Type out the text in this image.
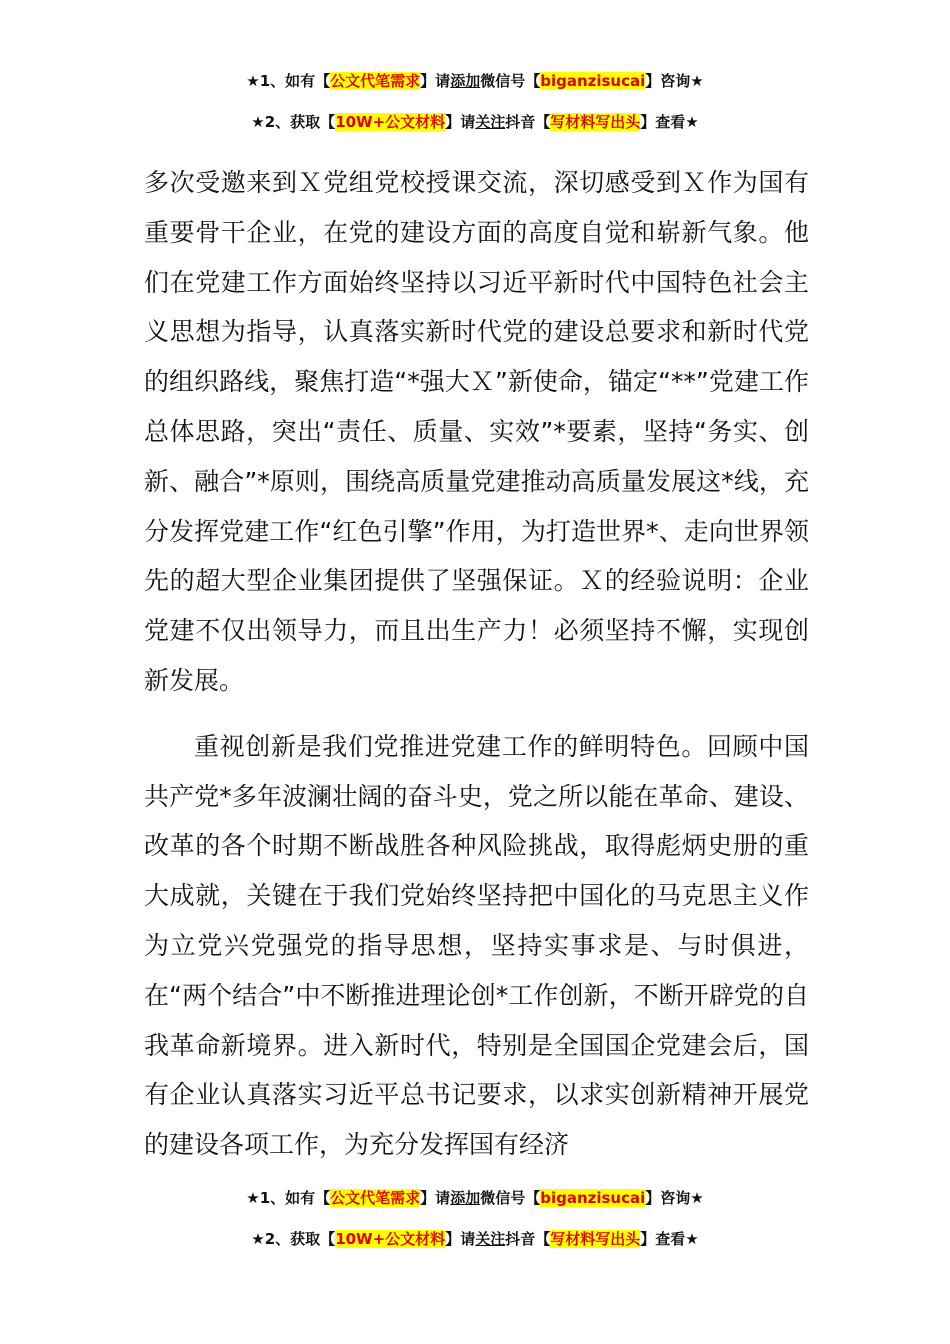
★1、如有【公文代笔需求】请添加微信号【biganzisucai】咨询★
★2、获取【10W+公文材料】请关注抖音【写材料写出头】查看★

多次受邀来到Ｘ党组党校授课交流，深切感受到Ｘ作为国有重要骨干企业，在党的建设方面的高度自觉和崭新气象。他们在党建工作方面始终坚持以习近平新时代中国特色社会主义思想为指导，认真落实新时代党的建设总要求和新时代党的组织路线，聚焦打造“*强大Ｘ”新使命，锚定“**”党建工作总体思路，突出“责任、质量、实效”*要素，坚持“务实、创新、融合”*原则，围绕高质量党建推动高质量发展这*线，充分发挥党建工作“红色引擎”作用，为打造世界*、走向世界领先的超大型企业集团提供了坚强保证。Ｘ的经验说明：企业党建不仅出领导力，而且出生产力！必须坚持不懈，实现创新发展。

重视创新是我们党推进党建工作的鲜明特色。回顾中国共产党*多年波澜壮阔的奋斗史，党之所以能在革命、建设、改革的各个时期不断战胜各种风险挑战，取得彪炳史册的重大成就，关键在于我们党始终坚持把中国化的马克思主义作为立党兴党强党的指导思想，坚持实事求是、与时俱进，在“两个结合”中不断推进理论创*工作创新，不断开辟党的自我革命新境界。进入新时代，特别是全国国企党建会后，国有企业认真落实习近平总书记要求，以求实创新精神开展党的建设各项工作，为充分发挥国有经济

★1、如有【公文代笔需求】请添加微信号【biganzisucai】咨询★
★2、获取【10W+公文材料】请关注抖音【写材料写出头】查看★
